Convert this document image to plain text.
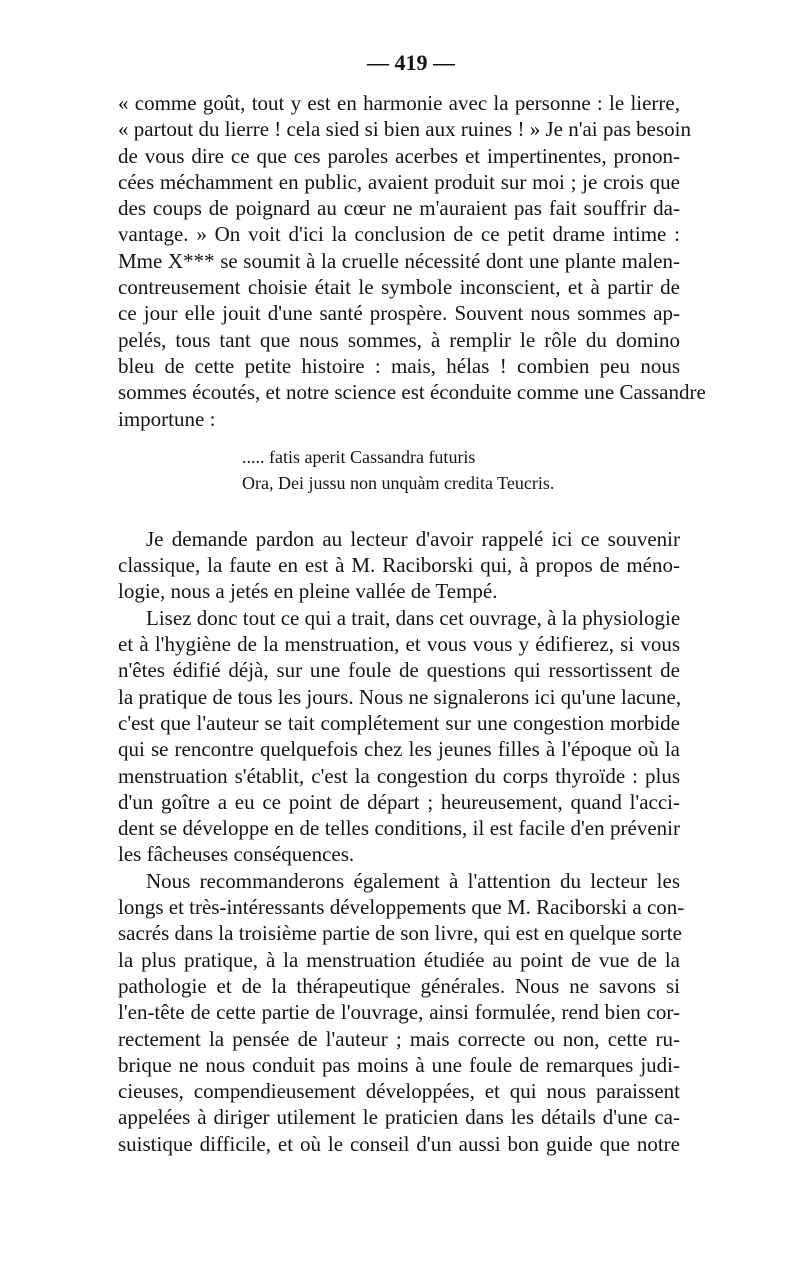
— 419 —
« comme goût, tout y est en harmonie avec la personne : le lierre,
« partout du lierre ! cela sied si bien aux ruines ! » Je n'ai pas besoin
de vous dire ce que ces paroles acerbes et impertinentes, pronon-
cées méchamment en public, avaient produit sur moi ; je crois que
des coups de poignard au cœur ne m'auraient pas fait souffrir da-
vantage. » On voit d'ici la conclusion de ce petit drame intime :
Mme X*** se soumit à la cruelle nécessité dont une plante malen-
contreusement choisie était le symbole inconscient, et à partir de
ce jour elle jouit d'une santé prospère. Souvent nous sommes ap-
pelés, tous tant que nous sommes, à remplir le rôle du domino
bleu de cette petite histoire : mais, hélas ! combien peu nous
sommes écoutés, et notre science est éconduite comme une Cassandre
importune :
..... fatis aperit Cassandra futuris
Ora, Dei jussu non unquàm credita Teucris.
Je demande pardon au lecteur d'avoir rappelé ici ce souvenir
classique, la faute en est à M. Raciborski qui, à propos de méno-
logie, nous a jetés en pleine vallée de Tempé.
Lisez donc tout ce qui a trait, dans cet ouvrage, à la physiologie
et à l'hygiène de la menstruation, et vous vous y édifierez, si vous
n'êtes édifié déjà, sur une foule de questions qui ressortissent de
la pratique de tous les jours. Nous ne signalerons ici qu'une lacune,
c'est que l'auteur se tait complétement sur une congestion morbide
qui se rencontre quelquefois chez les jeunes filles à l'époque où la
menstruation s'établit, c'est la congestion du corps thyroïde : plus
d'un goître a eu ce point de départ ; heureusement, quand l'acci-
dent se développe en de telles conditions, il est facile d'en prévenir
les fâcheuses conséquences.
Nous recommanderons également à l'attention du lecteur les
longs et très-intéressants développements que M. Raciborski a con-
sacrés dans la troisième partie de son livre, qui est en quelque sorte
la plus pratique, à la menstruation étudiée au point de vue de la
pathologie et de la thérapeutique générales. Nous ne savons si
l'en-tête de cette partie de l'ouvrage, ainsi formulée, rend bien cor-
rectement la pensée de l'auteur ; mais correcte ou non, cette ru-
brique ne nous conduit pas moins à une foule de remarques judi-
cieuses, compendieusement développées, et qui nous paraissent
appelées à diriger utilement le praticien dans les détails d'une ca-
suistique difficile, et où le conseil d'un aussi bon guide que notre
